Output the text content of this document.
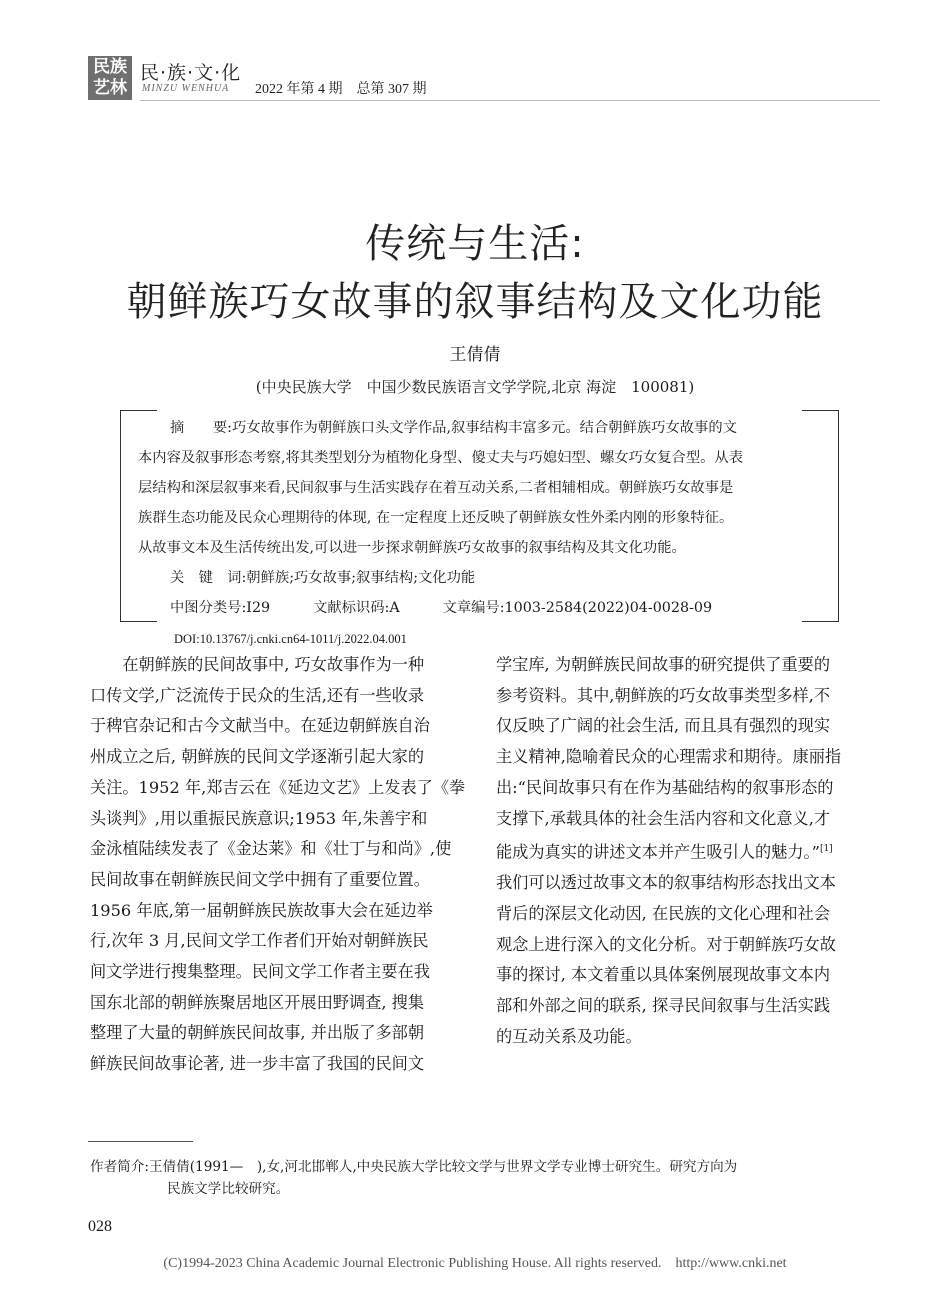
民族
艺林
民·族·文·化
MINZU WENHUA 2022 年第 4 期　总第 307 期
传统与生活:
朝鲜族巧女故事的叙事结构及文化功能
王倩倩
(中央民族大学　中国少数民族语言文学学院,北京 海淀　100081)
摘　　要:巧女故事作为朝鲜族口头文学作品,叙事结构丰富多元。结合朝鲜族巧女故事的文
本内容及叙事形态考察,将其类型划分为植物化身型、傻丈夫与巧媳妇型、螺女巧女复合型。从表
层结构和深层叙事来看,民间叙事与生活实践存在着互动关系,二者相辅相成。朝鲜族巧女故事是
族群生态功能及民众心理期待的体现, 在一定程度上还反映了朝鲜族女性外柔内刚的形象特征。
从故事文本及生活传统出发,可以进一步探求朝鲜族巧女故事的叙事结构及其文化功能。
关　键　词:朝鲜族;巧女故事;叙事结构;文化功能
中图分类号:I29　　　文献标识码:A　　　文章编号:1003-2584(2022)04-0028-09
DOI:10.13767/j.cnki.cn64-1011/j.2022.04.001
　　在朝鲜族的民间故事中, 巧女故事作为一种
口传文学,广泛流传于民众的生活,还有一些收录
于稗官杂记和古今文献当中。在延边朝鲜族自治
州成立之后, 朝鲜族的民间文学逐渐引起大家的
关注。1952 年,郑吉云在《延边文艺》上发表了《拳
头谈判》,用以重振民族意识;1953 年,朱善宇和
金泳植陆续发表了《金达莱》和《壮丁与和尚》,使
民间故事在朝鲜族民间文学中拥有了重要位置。
1956 年底,第一届朝鲜族民族故事大会在延边举
行,次年 3 月,民间文学工作者们开始对朝鲜族民
间文学进行搜集整理。民间文学工作者主要在我
国东北部的朝鲜族聚居地区开展田野调查, 搜集
整理了大量的朝鲜族民间故事, 并出版了多部朝
鲜族民间故事论著, 进一步丰富了我国的民间文
学宝库, 为朝鲜族民间故事的研究提供了重要的
参考资料。其中,朝鲜族的巧女故事类型多样,不
仅反映了广阔的社会生活, 而且具有强烈的现实
主义精神,隐喻着民众的心理需求和期待。康丽指
出:“民间故事只有在作为基础结构的叙事形态的
支撑下,承载具体的社会生活内容和文化意义,才
能成为真实的讲述文本并产生吸引人的魅力。”[1]
我们可以透过故事文本的叙事结构形态找出文本
背后的深层文化动因, 在民族的文化心理和社会
观念上进行深入的文化分析。对于朝鲜族巧女故
事的探讨, 本文着重以具体案例展现故事文本内
部和外部之间的联系, 探寻民间叙事与生活实践
的互动关系及功能。
作者简介:王倩倩(1991—　),女,河北邯郸人,中央民族大学比较文学与世界文学专业博士研究生。研究方向为
民族文学比较研究。
028
(C)1994-2023 China Academic Journal Electronic Publishing House. All rights reserved.　http://www.cnki.net
